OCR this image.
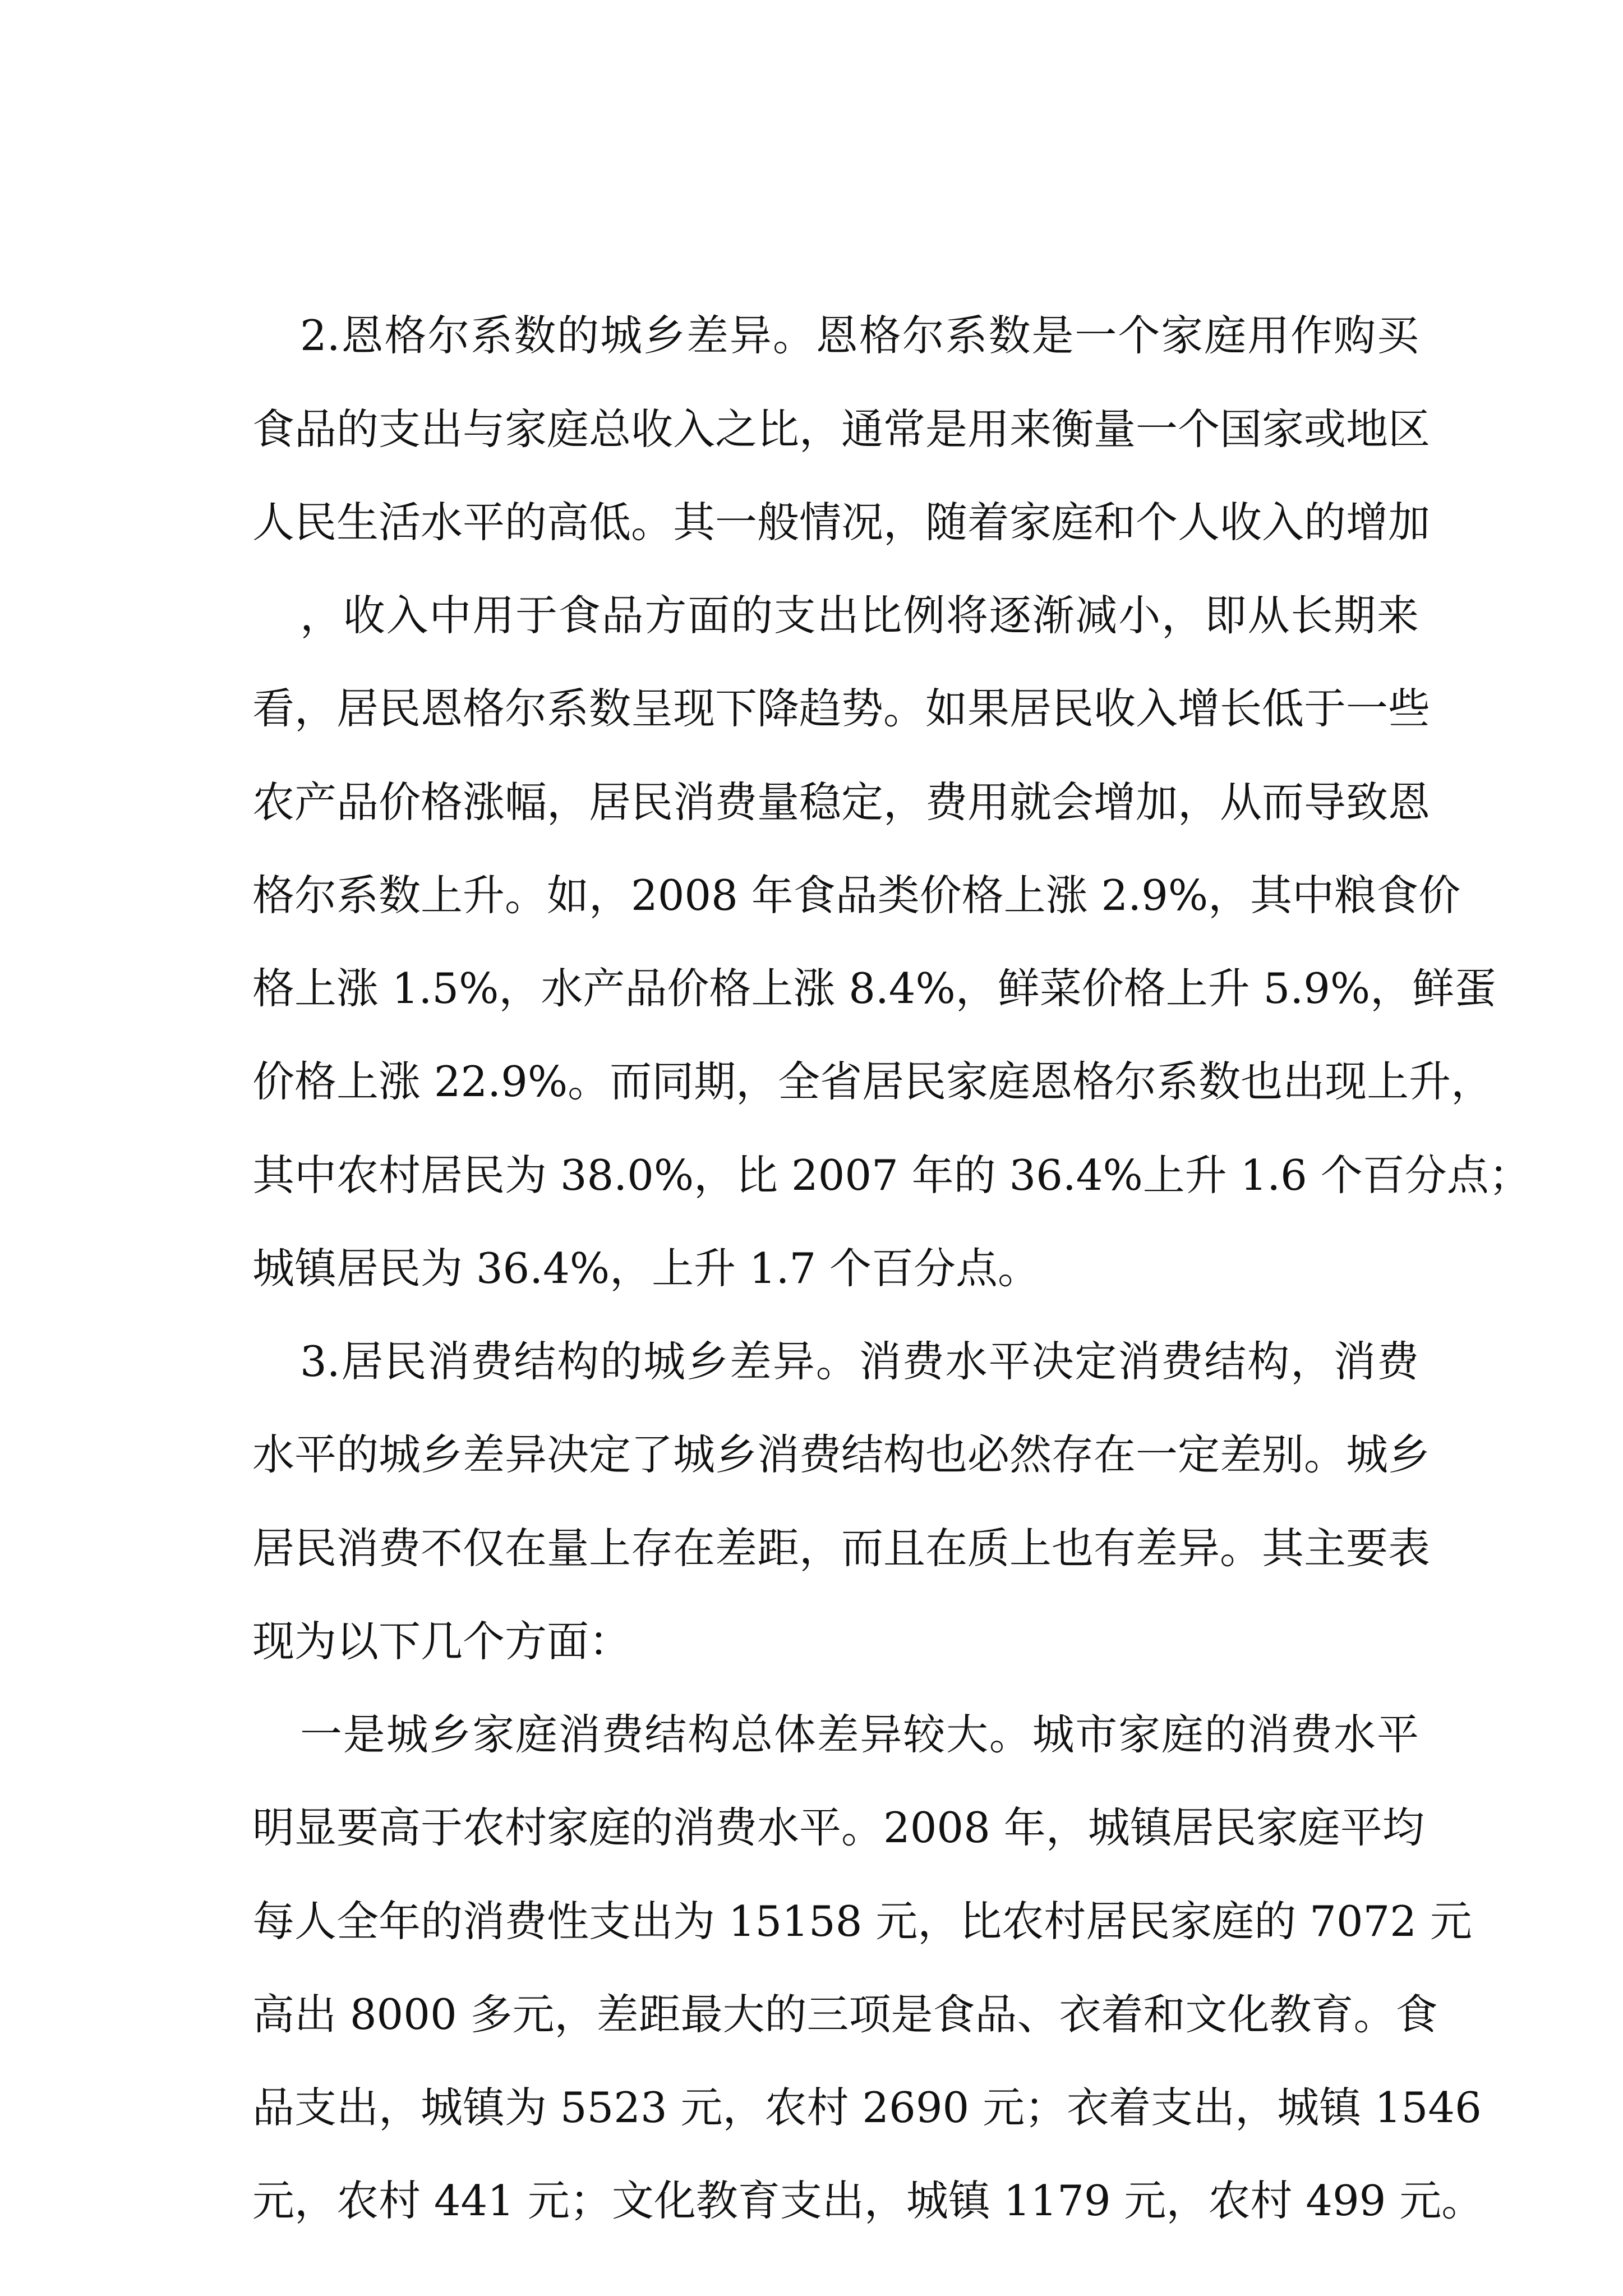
2.恩格尔系数的城乡差异。恩格尔系数是一个家庭用作购买
食品的支出与家庭总收入之比，通常是用来衡量一个国家或地区
人民生活水平的高低。其一般情况，随着家庭和个人收入的增加
，收入中用于食品方面的支出比例将逐渐减小，即从长期来
看，居民恩格尔系数呈现下降趋势。如果居民收入增长低于一些
农产品价格涨幅，居民消费量稳定，费用就会增加，从而导致恩
格尔系数上升。如，2008 年食品类价格上涨 2.9%，其中粮食价
格上涨 1.5%，水产品价格上涨 8.4%，鲜菜价格上升 5.9%，鲜蛋
价格上涨 22.9%。而同期，全省居民家庭恩格尔系数也出现上升，
其中农村居民为 38.0%，比 2007 年的 36.4%上升 1.6 个百分点；
城镇居民为 36.4%，上升 1.7 个百分点。
3.居民消费结构的城乡差异。消费水平决定消费结构，消费
水平的城乡差异决定了城乡消费结构也必然存在一定差别。城乡
居民消费不仅在量上存在差距，而且在质上也有差异。其主要表
现为以下几个方面：
一是城乡家庭消费结构总体差异较大。城市家庭的消费水平
明显要高于农村家庭的消费水平。2008 年，城镇居民家庭平均
每人全年的消费性支出为 15158 元，比农村居民家庭的 7072 元
高出 8000 多元，差距最大的三项是食品、衣着和文化教育。食
品支出，城镇为 5523 元，农村 2690 元；衣着支出，城镇 1546
元，农村 441 元；文化教育支出，城镇 1179 元，农村 499 元。
